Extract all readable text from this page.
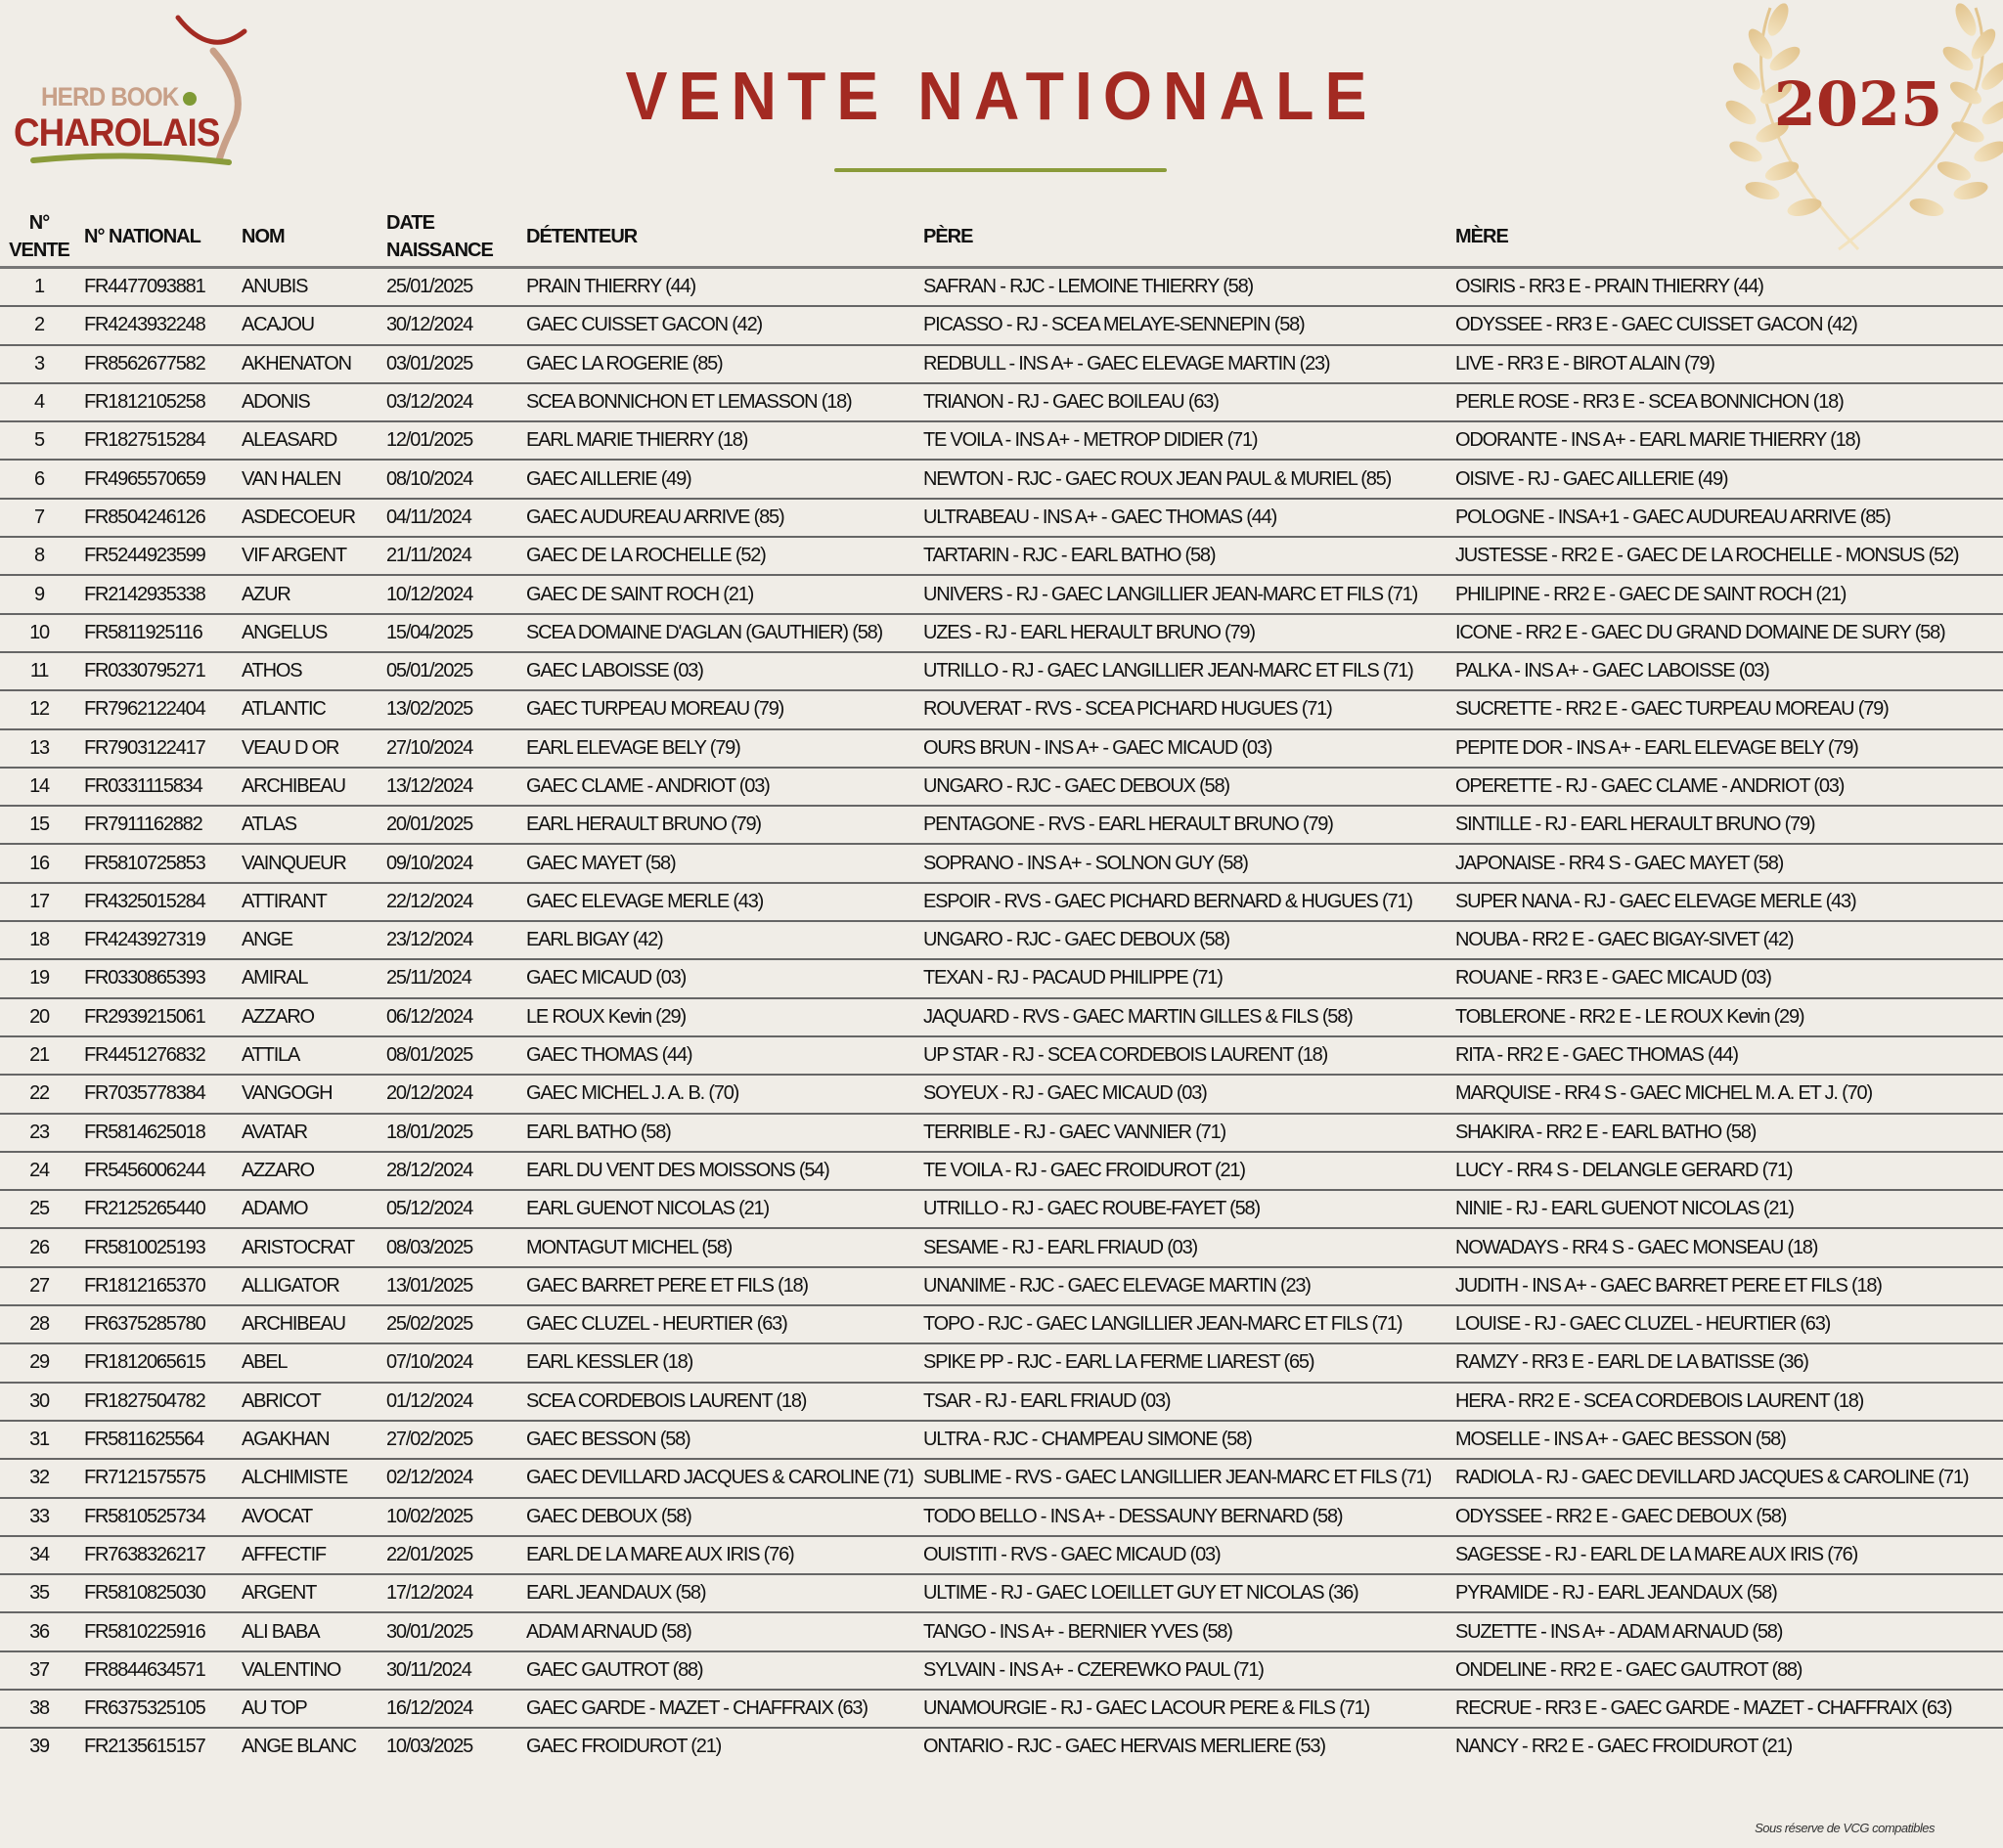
HERD BOOK
CHAROLAIS	VENTE NATIONALE	2025
N° VENTE	N° NATIONAL	NOM	DATE NAISSANCE	DÉTENTEUR	PÈRE	MÈRE
1	FR4477093881	ANUBIS	25/01/2025	PRAIN THIERRY (44)	SAFRAN - RJC - LEMOINE THIERRY (58)	OSIRIS - RR3 E - PRAIN THIERRY (44)
2	FR4243932248	ACAJOU	30/12/2024	GAEC CUISSET GACON (42)	PICASSO - RJ - SCEA MELAYE-SENNEPIN (58)	ODYSSEE - RR3 E - GAEC CUISSET GACON (42)
3	FR8562677582	AKHENATON	03/01/2025	GAEC LA ROGERIE (85)	REDBULL - INS A+ - GAEC ELEVAGE MARTIN (23)	LIVE - RR3 E - BIROT ALAIN (79)
4	FR1812105258	ADONIS	03/12/2024	SCEA BONNICHON ET LEMASSON (18)	TRIANON - RJ - GAEC BOILEAU (63)	PERLE ROSE - RR3 E - SCEA BONNICHON (18)
5	FR1827515284	ALEASARD	12/01/2025	EARL MARIE THIERRY (18)	TE VOILA - INS A+ - METROP DIDIER (71)	ODORANTE - INS A+ - EARL MARIE THIERRY (18)
6	FR4965570659	VAN HALEN	08/10/2024	GAEC AILLERIE (49)	NEWTON - RJC - GAEC ROUX JEAN PAUL & MURIEL (85)	OISIVE - RJ - GAEC AILLERIE (49)
7	FR8504246126	ASDECOEUR	04/11/2024	GAEC AUDUREAU ARRIVE (85)	ULTRABEAU - INS A+ - GAEC THOMAS (44)	POLOGNE - INSA+1 - GAEC AUDUREAU ARRIVE (85)
8	FR5244923599	VIF ARGENT	21/11/2024	GAEC DE LA ROCHELLE (52)	TARTARIN - RJC - EARL BATHO (58)	JUSTESSE - RR2 E - GAEC DE LA ROCHELLE - MONSUS (52)
9	FR2142935338	AZUR	10/12/2024	GAEC DE SAINT ROCH (21)	UNIVERS - RJ - GAEC LANGILLIER JEAN-MARC ET FILS (71)	PHILIPINE - RR2 E - GAEC DE SAINT ROCH (21)
10	FR5811925116	ANGELUS	15/04/2025	SCEA DOMAINE D'AGLAN (GAUTHIER) (58)	UZES - RJ - EARL HERAULT BRUNO (79)	ICONE - RR2 E - GAEC DU GRAND DOMAINE DE SURY (58)
11	FR0330795271	ATHOS	05/01/2025	GAEC LABOISSE (03)	UTRILLO - RJ - GAEC LANGILLIER JEAN-MARC ET FILS (71)	PALKA - INS A+ - GAEC LABOISSE (03)
12	FR7962122404	ATLANTIC	13/02/2025	GAEC TURPEAU MOREAU (79)	ROUVERAT - RVS - SCEA PICHARD HUGUES (71)	SUCRETTE - RR2 E - GAEC TURPEAU MOREAU (79)
13	FR7903122417	VEAU D OR	27/10/2024	EARL ELEVAGE BELY (79)	OURS BRUN - INS A+ - GAEC MICAUD (03)	PEPITE DOR - INS A+ - EARL ELEVAGE BELY (79)
14	FR0331115834	ARCHIBEAU	13/12/2024	GAEC CLAME - ANDRIOT (03)	UNGARO - RJC - GAEC DEBOUX (58)	OPERETTE - RJ - GAEC CLAME - ANDRIOT (03)
15	FR7911162882	ATLAS	20/01/2025	EARL HERAULT BRUNO (79)	PENTAGONE - RVS - EARL HERAULT BRUNO (79)	SINTILLE - RJ - EARL HERAULT BRUNO (79)
16	FR5810725853	VAINQUEUR	09/10/2024	GAEC MAYET (58)	SOPRANO - INS A+ - SOLNON GUY (58)	JAPONAISE - RR4 S - GAEC MAYET (58)
17	FR4325015284	ATTIRANT	22/12/2024	GAEC ELEVAGE MERLE (43)	ESPOIR - RVS - GAEC PICHARD BERNARD & HUGUES (71)	SUPER NANA - RJ - GAEC ELEVAGE MERLE (43)
18	FR4243927319	ANGE	23/12/2024	EARL BIGAY (42)	UNGARO - RJC - GAEC DEBOUX (58)	NOUBA - RR2 E - GAEC BIGAY-SIVET (42)
19	FR0330865393	AMIRAL	25/11/2024	GAEC MICAUD (03)	TEXAN - RJ - PACAUD PHILIPPE (71)	ROUANE - RR3 E - GAEC MICAUD (03)
20	FR2939215061	AZZARO	06/12/2024	LE ROUX Kevin (29)	JAQUARD - RVS - GAEC MARTIN GILLES & FILS (58)	TOBLERONE - RR2 E - LE ROUX Kevin (29)
21	FR4451276832	ATTILA	08/01/2025	GAEC THOMAS (44)	UP STAR - RJ - SCEA CORDEBOIS LAURENT (18)	RITA - RR2 E - GAEC THOMAS (44)
22	FR7035778384	VANGOGH	20/12/2024	GAEC MICHEL J. A. B. (70)	SOYEUX - RJ - GAEC MICAUD (03)	MARQUISE - RR4 S - GAEC MICHEL M. A. ET J. (70)
23	FR5814625018	AVATAR	18/01/2025	EARL BATHO (58)	TERRIBLE - RJ - GAEC VANNIER (71)	SHAKIRA - RR2 E - EARL BATHO (58)
24	FR5456006244	AZZARO	28/12/2024	EARL DU VENT DES MOISSONS (54)	TE VOILA - RJ - GAEC FROIDUROT (21)	LUCY - RR4 S - DELANGLE GERARD (71)
25	FR2125265440	ADAMO	05/12/2024	EARL GUENOT NICOLAS (21)	UTRILLO - RJ - GAEC ROUBE-FAYET (58)	NINIE - RJ - EARL GUENOT NICOLAS (21)
26	FR5810025193	ARISTOCRAT	08/03/2025	MONTAGUT MICHEL (58)	SESAME - RJ - EARL FRIAUD (03)	NOWADAYS - RR4 S - GAEC MONSEAU (18)
27	FR1812165370	ALLIGATOR	13/01/2025	GAEC BARRET PERE ET FILS (18)	UNANIME - RJC - GAEC ELEVAGE MARTIN (23)	JUDITH - INS A+ - GAEC BARRET PERE ET FILS (18)
28	FR6375285780	ARCHIBEAU	25/02/2025	GAEC CLUZEL - HEURTIER (63)	TOPO - RJC - GAEC LANGILLIER JEAN-MARC ET FILS (71)	LOUISE - RJ - GAEC CLUZEL - HEURTIER (63)
29	FR1812065615	ABEL	07/10/2024	EARL KESSLER (18)	SPIKE PP - RJC - EARL LA FERME LIAREST (65)	RAMZY - RR3 E - EARL DE LA BATISSE (36)
30	FR1827504782	ABRICOT	01/12/2024	SCEA CORDEBOIS LAURENT (18)	TSAR - RJ - EARL FRIAUD (03)	HERA - RR2 E - SCEA CORDEBOIS LAURENT (18)
31	FR5811625564	AGAKHAN	27/02/2025	GAEC BESSON (58)	ULTRA - RJC - CHAMPEAU SIMONE (58)	MOSELLE - INS A+ - GAEC BESSON (58)
32	FR7121575575	ALCHIMISTE	02/12/2024	GAEC DEVILLARD JACQUES & CAROLINE (71)	SUBLIME - RVS - GAEC LANGILLIER JEAN-MARC ET FILS (71)	RADIOLA - RJ - GAEC DEVILLARD JACQUES & CAROLINE (71)
33	FR5810525734	AVOCAT	10/02/2025	GAEC DEBOUX (58)	TODO BELLO - INS A+ - DESSAUNY BERNARD (58)	ODYSSEE - RR2 E - GAEC DEBOUX (58)
34	FR7638326217	AFFECTIF	22/01/2025	EARL DE LA MARE AUX IRIS (76)	OUISTITI - RVS - GAEC MICAUD (03)	SAGESSE - RJ - EARL DE LA MARE AUX IRIS (76)
35	FR5810825030	ARGENT	17/12/2024	EARL JEANDAUX (58)	ULTIME - RJ - GAEC LOEILLET GUY ET NICOLAS (36)	PYRAMIDE - RJ - EARL JEANDAUX (58)
36	FR5810225916	ALI BABA	30/01/2025	ADAM ARNAUD (58)	TANGO - INS A+ - BERNIER YVES (58)	SUZETTE - INS A+ - ADAM ARNAUD (58)
37	FR8844634571	VALENTINO	30/11/2024	GAEC GAUTROT (88)	SYLVAIN - INS A+ - CZEREWKO PAUL (71)	ONDELINE - RR2 E - GAEC GAUTROT (88)
38	FR6375325105	AU TOP	16/12/2024	GAEC GARDE - MAZET - CHAFFRAIX (63)	UNAMOURGIE - RJ - GAEC LACOUR PERE & FILS (71)	RECRUE - RR3 E - GAEC GARDE - MAZET - CHAFFRAIX (63)
39	FR2135615157	ANGE BLANC	10/03/2025	GAEC FROIDUROT (21)	ONTARIO - RJC - GAEC HERVAIS MERLIERE (53)	NANCY - RR2 E - GAEC FROIDUROT (21)
Sous réserve de VCG compatibles
